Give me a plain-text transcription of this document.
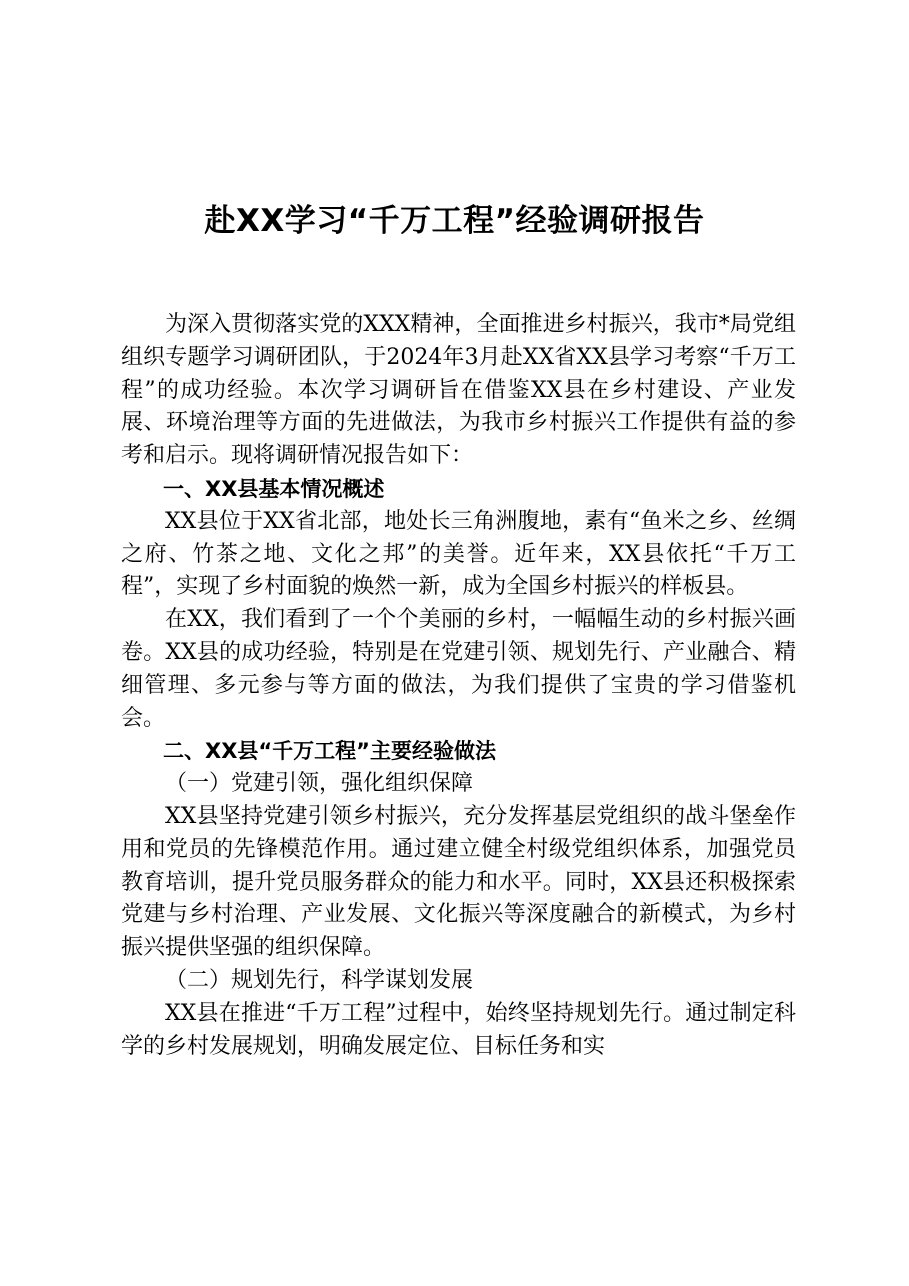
赴XX学习“千万工程”经验调研报告

为深入贯彻落实党的XXX精神，全面推进乡村振兴，我市*局党组组织专题学习调研团队，于2024年3月赴XX省XX县学习考察“千万工程”的成功经验。本次学习调研旨在借鉴XX县在乡村建设、产业发展、环境治理等方面的先进做法，为我市乡村振兴工作提供有益的参考和启示。现将调研情况报告如下：

一、XX县基本情况概述

XX县位于XX省北部，地处长三角洲腹地，素有“鱼米之乡、丝绸之府、竹茶之地、文化之邦”的美誉。近年来，XX县依托“千万工程”，实现了乡村面貌的焕然一新，成为全国乡村振兴的样板县。

在XX，我们看到了一个个美丽的乡村，一幅幅生动的乡村振兴画卷。XX县的成功经验，特别是在党建引领、规划先行、产业融合、精细管理、多元参与等方面的做法，为我们提供了宝贵的学习借鉴机会。

二、XX县“千万工程”主要经验做法

（一）党建引领，强化组织保障

XX县坚持党建引领乡村振兴，充分发挥基层党组织的战斗堡垒作用和党员的先锋模范作用。通过建立健全村级党组织体系，加强党员教育培训，提升党员服务群众的能力和水平。同时，XX县还积极探索党建与乡村治理、产业发展、文化振兴等深度融合的新模式，为乡村振兴提供坚强的组织保障。

（二）规划先行，科学谋划发展

XX县在推进“千万工程”过程中，始终坚持规划先行。通过制定科学的乡村发展规划，明确发展定位、目标任务和实
